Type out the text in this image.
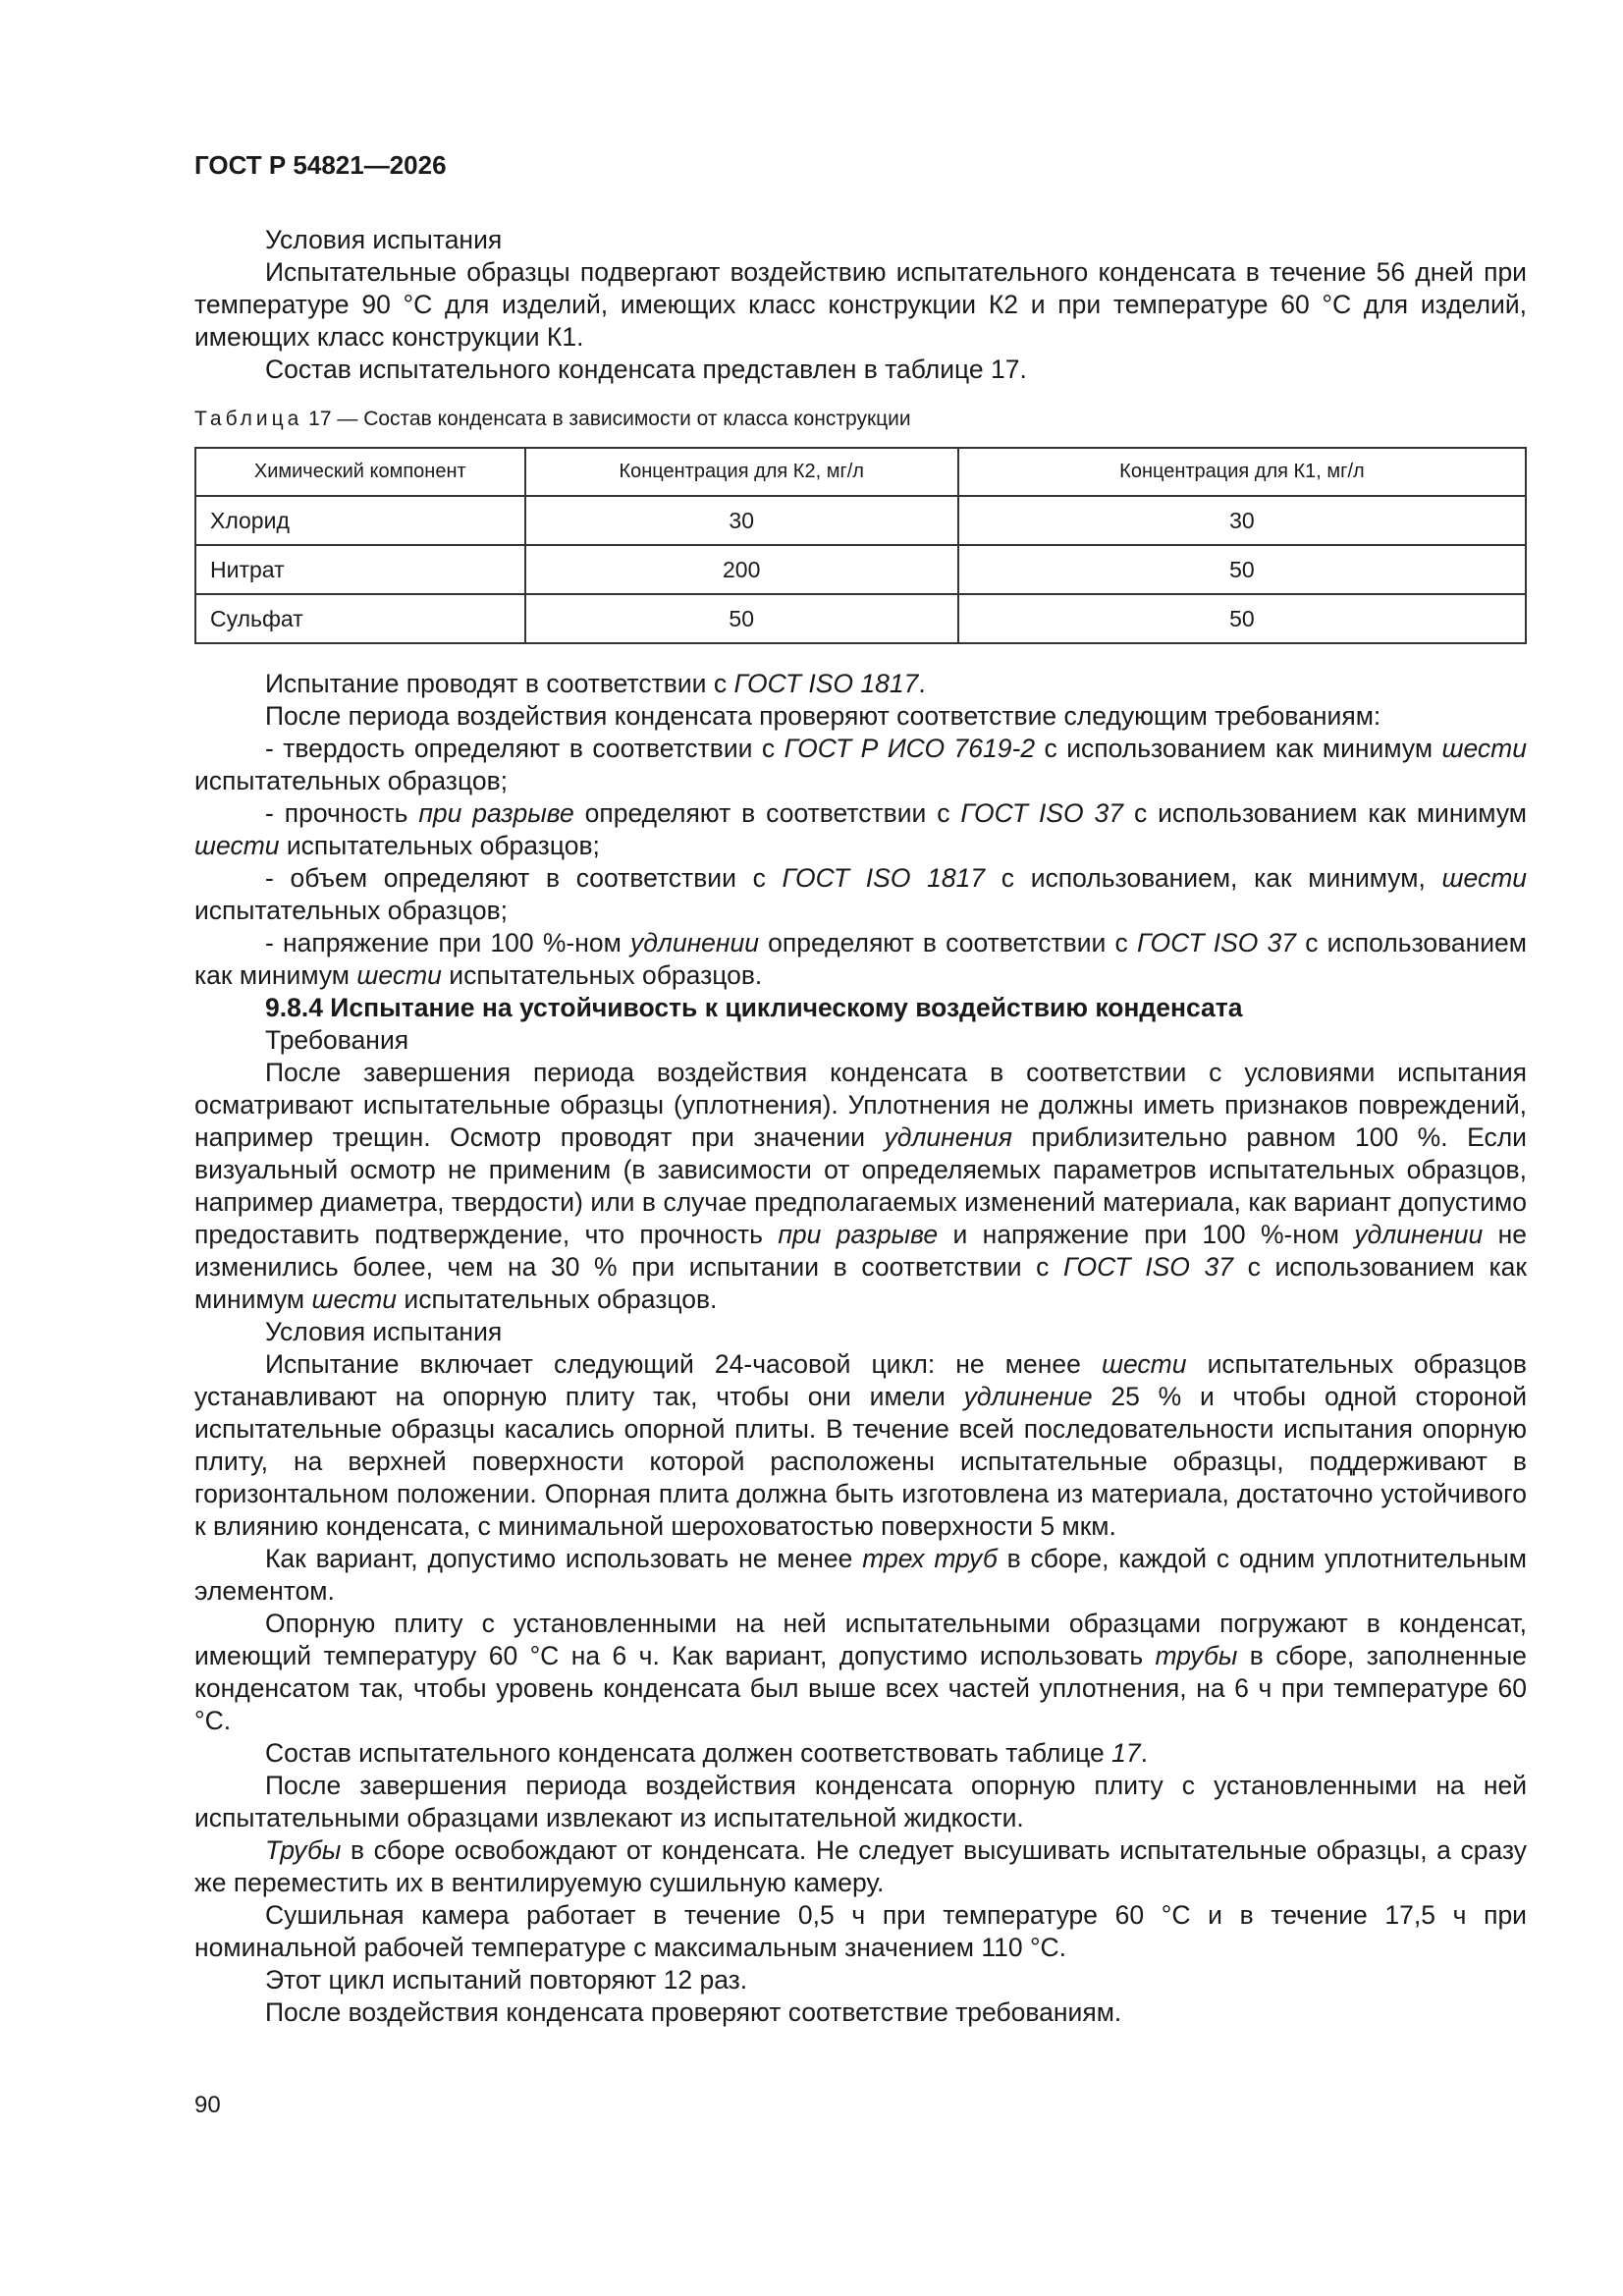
ГОСТ Р 54821—2026

Условия испытания

Испытательные образцы подвергают воздействию испытательного конденсата в течение 56 дней при температуре 90 °C для изделий, имеющих класс конструкции К2 и при температуре 60 °C для изделий, имеющих класс конструкции К1.

Состав испытательного конденсата представлен в таблице 17.

Таблица 17 — Состав конденсата в зависимости от класса конструкции

Химический компонент	Концентрация для К2, мг/л	Концентрация для К1, мг/л
Хлорид	30	30
Нитрат	200	50
Сульфат	50	50

Испытание проводят в соответствии с ГОСТ ISO 1817.

После периода воздействия конденсата проверяют соответствие следующим требованиям:

- твердость определяют в соответствии с ГОСТ Р ИСО 7619-2 с использованием как минимум шести испытательных образцов;

- прочность при разрыве определяют в соответствии с ГОСТ ISO 37 с использованием как минимум шести испытательных образцов;

- объем определяют в соответствии с ГОСТ ISO 1817 с использованием, как минимум, шести испытательных образцов;

- напряжение при 100 %-ном удлинении определяют в соответствии с ГОСТ ISO 37 с использованием как минимум шести испытательных образцов.

9.8.4 Испытание на устойчивость к циклическому воздействию конденсата

Требования

После завершения периода воздействия конденсата в соответствии с условиями испытания осматривают испытательные образцы (уплотнения). Уплотнения не должны иметь признаков повреждений, например трещин. Осмотр проводят при значении удлинения приблизительно равном 100 %. Если визуальный осмотр не применим (в зависимости от определяемых параметров испытательных образцов, например диаметра, твердости) или в случае предполагаемых изменений материала, как вариант допустимо предоставить подтверждение, что прочность при разрыве и напряжение при 100 %-ном удлинении не изменились более, чем на 30 % при испытании в соответствии с ГОСТ ISO 37 с использованием как минимум шести испытательных образцов.

Условия испытания

Испытание включает следующий 24-часовой цикл: не менее шести испытательных образцов устанавливают на опорную плиту так, чтобы они имели удлинение 25 % и чтобы одной стороной испытательные образцы касались опорной плиты. В течение всей последовательности испытания опорную плиту, на верхней поверхности которой расположены испытательные образцы, поддерживают в горизонтальном положении. Опорная плита должна быть изготовлена из материала, достаточно устойчивого к влиянию конденсата, с минимальной шероховатостью поверхности 5 мкм.

Как вариант, допустимо использовать не менее трех труб в сборе, каждой с одним уплотнительным элементом.

Опорную плиту с установленными на ней испытательными образцами погружают в конденсат, имеющий температуру 60 °C на 6 ч. Как вариант, допустимо использовать трубы в сборе, заполненные конденсатом так, чтобы уровень конденсата был выше всех частей уплотнения, на 6 ч при температуре 60 °C.

Состав испытательного конденсата должен соответствовать таблице 17.

После завершения периода воздействия конденсата опорную плиту с установленными на ней испытательными образцами извлекают из испытательной жидкости.

Трубы в сборе освобождают от конденсата. Не следует высушивать испытательные образцы, а сразу же переместить их в вентилируемую сушильную камеру.

Сушильная камера работает в течение 0,5 ч при температуре 60 °C и в течение 17,5 ч при номинальной рабочей температуре с максимальным значением 110 °C.

Этот цикл испытаний повторяют 12 раз.

После воздействия конденсата проверяют соответствие требованиям.

90
